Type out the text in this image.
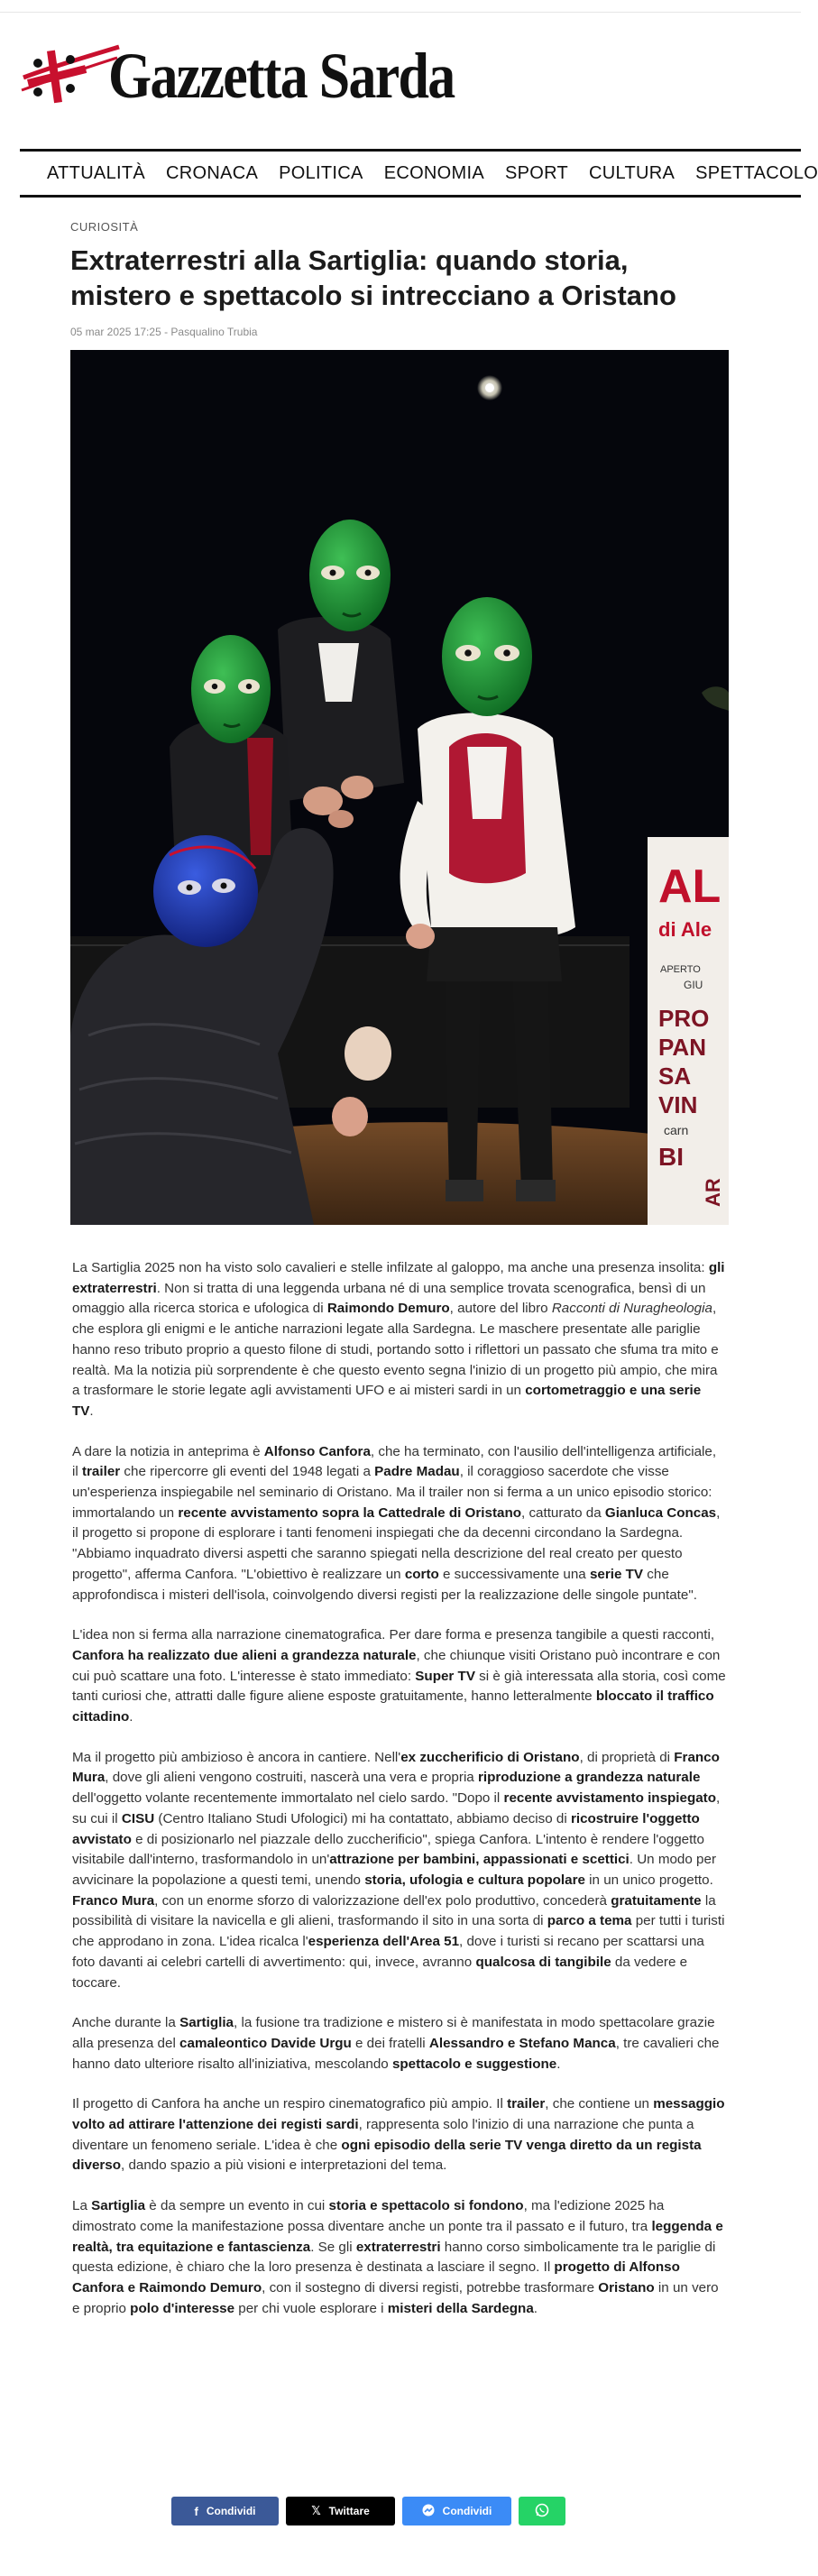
Gazzetta Sarda
ATTUALITÀ CRONACA POLITICA ECONOMIA SPORT CULTURA SPETTACOLO
CURIOSITÀ
Extraterrestri alla Sartiglia: quando storia, mistero e spettacolo si intrecciano a Oristano
05 mar 2025 17:25 - Pasqualino Trubia
AL
di Ale
APERTO
GIU
PRO
PAN
SA
VIN
carn
BI
AR

La Sartiglia 2025 non ha visto solo cavalieri e stelle infilzate al galoppo, ma anche una presenza insolita: gli extraterrestri. Non si tratta di una leggenda urbana né di una semplice trovata scenografica, bensì di un omaggio alla ricerca storica e ufologica di Raimondo Demuro, autore del libro Racconti di Nuragheologia, che esplora gli enigmi e le antiche narrazioni legate alla Sardegna. Le maschere presentate alle pariglie hanno reso tributo proprio a questo filone di studi, portando sotto i riflettori un passato che sfuma tra mito e realtà. Ma la notizia più sorprendente è che questo evento segna l'inizio di un progetto più ampio, che mira a trasformare le storie legate agli avvistamenti UFO e ai misteri sardi in un cortometraggio e una serie TV.

A dare la notizia in anteprima è Alfonso Canfora, che ha terminato, con l'ausilio dell'intelligenza artificiale, il trailer che ripercorre gli eventi del 1948 legati a Padre Madau, il coraggioso sacerdote che visse un'esperienza inspiegabile nel seminario di Oristano. Ma il trailer non si ferma a un unico episodio storico: immortalando un recente avvistamento sopra la Cattedrale di Oristano, catturato da Gianluca Concas, il progetto si propone di esplorare i tanti fenomeni inspiegati che da decenni circondano la Sardegna. "Abbiamo inquadrato diversi aspetti che saranno spiegati nella descrizione del real creato per questo progetto", afferma Canfora. "L'obiettivo è realizzare un corto e successivamente una serie TV che approfondisca i misteri dell'isola, coinvolgendo diversi registi per la realizzazione delle singole puntate".

L'idea non si ferma alla narrazione cinematografica. Per dare forma e presenza tangibile a questi racconti, Canfora ha realizzato due alieni a grandezza naturale, che chiunque visiti Oristano può incontrare e con cui può scattare una foto. L'interesse è stato immediato: Super TV si è già interessata alla storia, così come tanti curiosi che, attratti dalle figure aliene esposte gratuitamente, hanno letteralmente bloccato il traffico cittadino.

Ma il progetto più ambizioso è ancora in cantiere. Nell'ex zuccherificio di Oristano, di proprietà di Franco Mura, dove gli alieni vengono costruiti, nascerà una vera e propria riproduzione a grandezza naturale dell'oggetto volante recentemente immortalato nel cielo sardo. "Dopo il recente avvistamento inspiegato, su cui il CISU (Centro Italiano Studi Ufologici) mi ha contattato, abbiamo deciso di ricostruire l'oggetto avvistato e di posizionarlo nel piazzale dello zuccherificio", spiega Canfora. L'intento è rendere l'oggetto visitabile dall'interno, trasformandolo in un'attrazione per bambini, appassionati e scettici. Un modo per avvicinare la popolazione a questi temi, unendo storia, ufologia e cultura popolare in un unico progetto. Franco Mura, con un enorme sforzo di valorizzazione dell'ex polo produttivo, concederà gratuitamente la possibilità di visitare la navicella e gli alieni, trasformando il sito in una sorta di parco a tema per tutti i turisti che approdano in zona. L'idea ricalca l'esperienza dell'Area 51, dove i turisti si recano per scattarsi una foto davanti ai celebri cartelli di avvertimento: qui, invece, avranno qualcosa di tangibile da vedere e toccare.

Anche durante la Sartiglia, la fusione tra tradizione e mistero si è manifestata in modo spettacolare grazie alla presenza del camaleontico Davide Urgu e dei fratelli Alessandro e Stefano Manca, tre cavalieri che hanno dato ulteriore risalto all'iniziativa, mescolando spettacolo e suggestione.

Il progetto di Canfora ha anche un respiro cinematografico più ampio. Il trailer, che contiene un messaggio volto ad attirare l'attenzione dei registi sardi, rappresenta solo l'inizio di una narrazione che punta a diventare un fenomeno seriale. L'idea è che ogni episodio della serie TV venga diretto da un regista diverso, dando spazio a più visioni e interpretazioni del tema.

La Sartiglia è da sempre un evento in cui storia e spettacolo si fondono, ma l'edizione 2025 ha dimostrato come la manifestazione possa diventare anche un ponte tra il passato e il futuro, tra leggenda e realtà, tra equitazione e fantascienza. Se gli extraterrestri hanno corso simbolicamente tra le pariglie di questa edizione, è chiaro che la loro presenza è destinata a lasciare il segno. Il progetto di Alfonso Canfora e Raimondo Demuro, con il sostegno di diversi registi, potrebbe trasformare Oristano in un vero e proprio polo d'interesse per chi vuole esplorare i misteri della Sardegna.

f Condividi	𝕏 Twittare	Condividi
